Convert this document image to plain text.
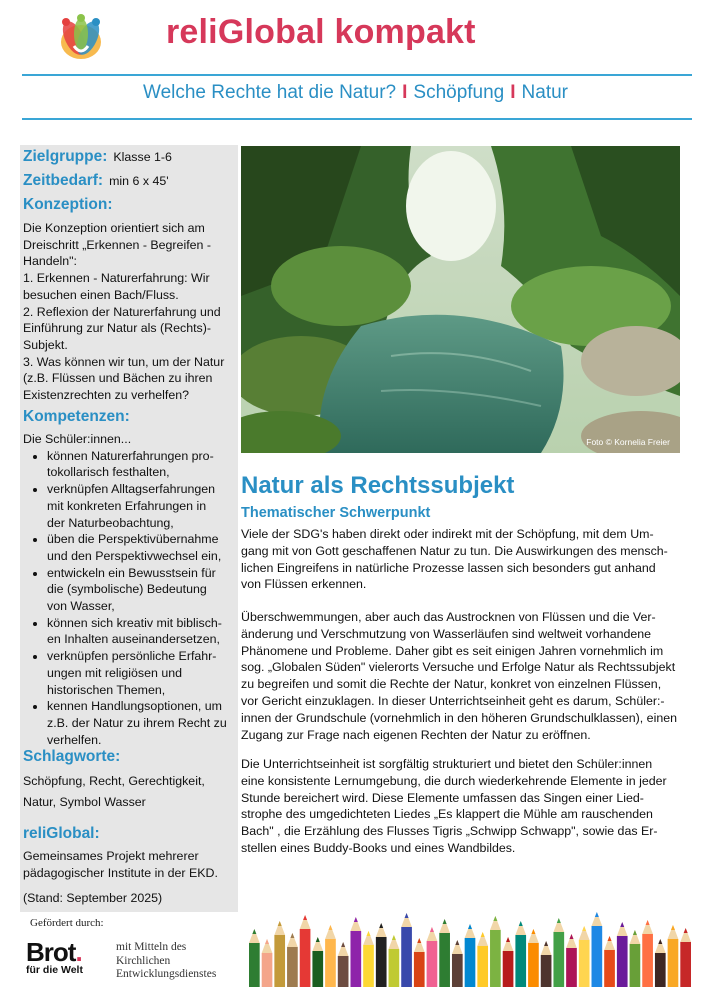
reliGlobal kompakt
Welche Rechte hat die Natur? I Schöpfung I Natur
Zielgruppe: Klasse 1-6
Zeitbedarf: min 6 x 45'
Konzeption:
Die Konzeption orientiert sich am
Dreischritt „Erkennen - Begreifen -
Handeln":
1. Erkennen - Naturerfahrung: Wir
besuchen einen Bach/Fluss.
2. Reflexion der Naturerfahrung und
Einführung zur Natur als (Rechts)-
Subjekt.
3. Was können wir tun, um der Natur
(z.B. Flüssen und Bächen zu ihren
Existenzrechten zu verhelfen?
Kompetenzen:
Die Schüler:innen...
• können Naturerfahrungen pro-
tokollarisch festhalten,
• verknüpfen Alltagserfahrungen
mit konkreten Erfahrungen in
der Naturbeobachtung,
• üben die Perspektivübernahme
und den Perspektivwechsel ein,
• entwickeln ein Bewusstsein für
die (symbolische) Bedeutung
von Wasser,
• können sich kreativ mit biblisch-
en Inhalten auseinandersetzen,
• verknüpfen persönliche Erfahr-
ungen mit religiösen und
historischen Themen,
• kennen Handlungsoptionen, um
z.B. der Natur zu ihrem Recht zu
verhelfen.
Schlagworte:
Schöpfung, Recht, Gerechtigkeit,
Natur, Symbol Wasser
reliGlobal:
Gemeinsames Projekt mehrerer
pädagogischer Institute in der EKD.
(Stand: September 2025)
Foto © Kornelia Freier
Natur als Rechtssubjekt
Thematischer Schwerpunkt
Viele der SDG's haben direkt oder indirekt mit der Schöpfung, mit dem Um-
gang mit von Gott geschaffenen Natur zu tun. Die Auswirkungen des mensch-
lichen Eingreifens in natürliche Prozesse lassen sich besonders gut anhand
von Flüssen erkennen.
Überschwemmungen, aber auch das Austrocknen von Flüssen und die Ver-
änderung und Verschmutzung von Wasserläufen sind weltweit vorhandene
Phänomene und Probleme. Daher gibt es seit einigen Jahren vornehmlich im
sog. „Globalen Süden" vielerorts Versuche und Erfolge Natur als Rechtssubjekt
zu begreifen und somit die Rechte der Natur, konkret von einzelnen Flüssen,
vor Gericht einzuklagen. In dieser Unterrichtseinheit geht es darum, Schüler:-
innen der Grundschule (vornehmlich in den höheren Grundschulklassen), einen
Zugang zur Frage nach eigenen Rechten der Natur zu eröffnen.
Die Unterrichtseinheit ist sorgfältig strukturiert und bietet den Schüler:innen
eine konsistente Lernumgebung, die durch wiederkehrende Elemente in jeder
Stunde bereichert wird. Diese Elemente umfassen das Singen einer Lied-
strophe des umgedichteten Liedes „Es klappert die Mühle am rauschenden
Bach" , die Erzählung des Flusses Tigris „Schwipp Schwapp", sowie das Er-
stellen eines Buddy-Books und eines Wandbildes.
Gefördert durch:
Brot.
für die Welt
mit Mitteln des
Kirchlichen
Entwicklungsdienstes
